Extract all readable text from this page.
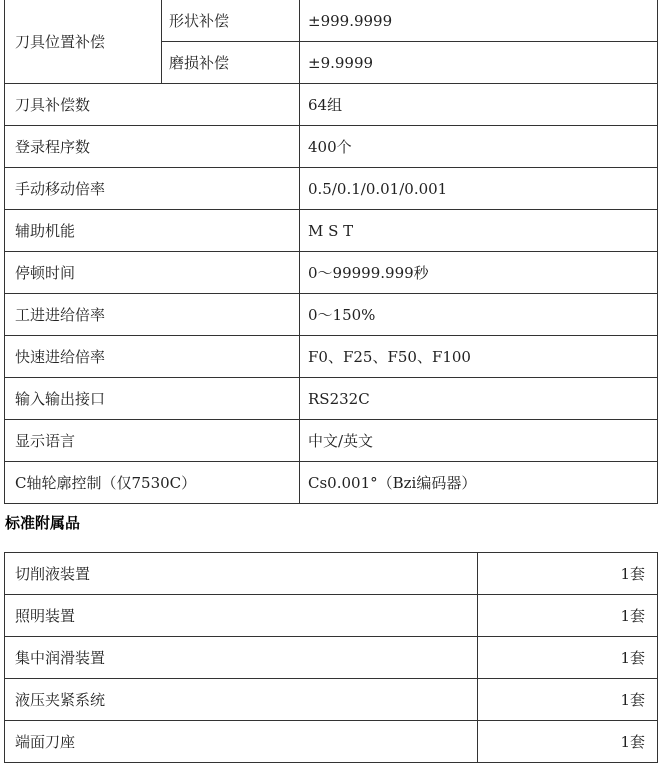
刀具位置补偿	形状补偿	±999.9999
	磨损补偿	±9.9999
刀具补偿数		64组
登录程序数		400个
手动移动倍率		0.5/0.1/0.01/0.001
辅助机能		M S T
停顿时间		0～99999.999秒
工进进给倍率		0～150%
快速进给倍率		F0、F25、F50、F100
输入输出接口		RS232C
显示语言		中文/英文
C轴轮廓控制（仅7530C）		Cs0.001°（Bzi编码器）
标准附属品
切削液装置	1套
照明装置	1套
集中润滑装置	1套
液压夹紧系统	1套
端面刀座	1套
